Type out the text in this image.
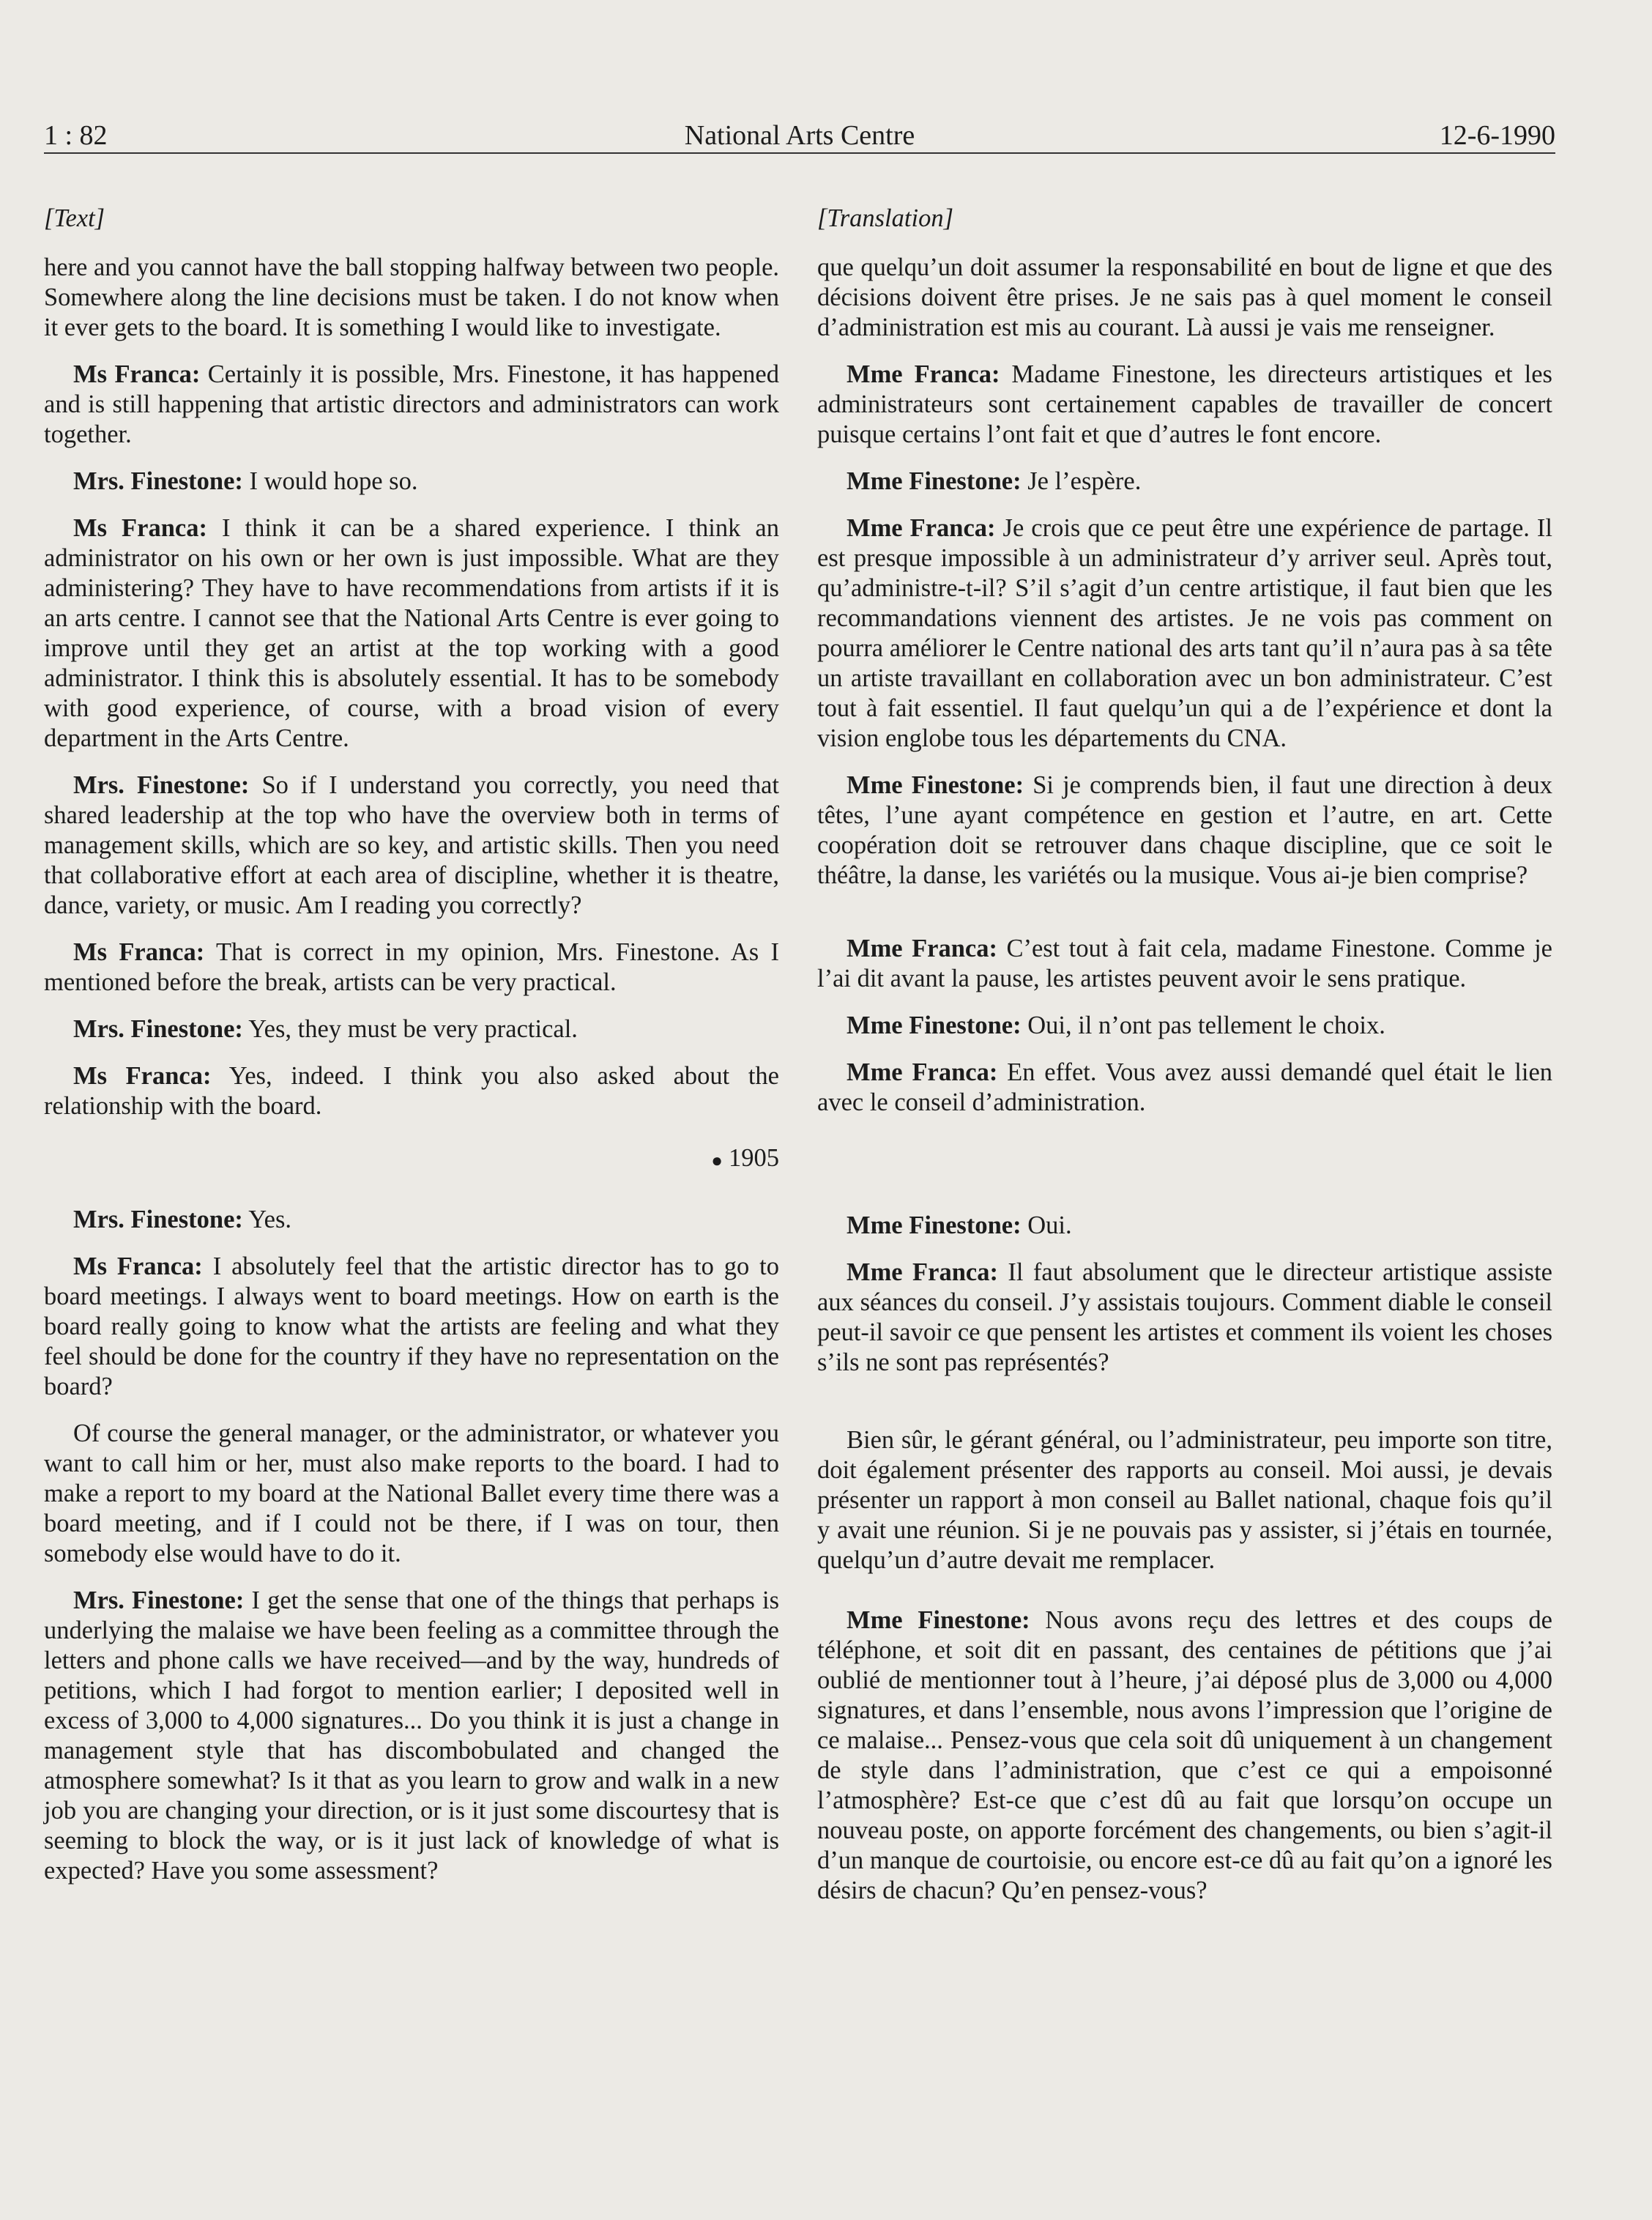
1 : 82	National Arts Centre	12-6-1990
[Text]

here and you cannot have the ball stopping halfway between two people. Somewhere along the line decisions must be taken. I do not know when it ever gets to the board. It is something I would like to investigate.

Ms Franca: Certainly it is possible, Mrs. Finestone, it has happened and is still happening that artistic directors and administrators can work together.

Mrs. Finestone: I would hope so.

Ms Franca: I think it can be a shared experience. I think an administrator on his own or her own is just impossible. What are they administering? They have to have recommendations from artists if it is an arts centre. I cannot see that the National Arts Centre is ever going to improve until they get an artist at the top working with a good administrator. I think this is absolutely essential. It has to be somebody with good experience, of course, with a broad vision of every department in the Arts Centre.

Mrs. Finestone: So if I understand you correctly, you need that shared leadership at the top who have the overview both in terms of management skills, which are so key, and artistic skills. Then you need that collaborative effort at each area of discipline, whether it is theatre, dance, variety, or music. Am I reading you correctly?

Ms Franca: That is correct in my opinion, Mrs. Finestone. As I mentioned before the break, artists can be very practical.

Mrs. Finestone: Yes, they must be very practical.

Ms Franca: Yes, indeed. I think you also asked about the relationship with the board.

● 1905

Mrs. Finestone: Yes.

Ms Franca: I absolutely feel that the artistic director has to go to board meetings. I always went to board meetings. How on earth is the board really going to know what the artists are feeling and what they feel should be done for the country if they have no representation on the board?

Of course the general manager, or the administrator, or whatever you want to call him or her, must also make reports to the board. I had to make a report to my board at the National Ballet every time there was a board meeting, and if I could not be there, if I was on tour, then somebody else would have to do it.

Mrs. Finestone: I get the sense that one of the things that perhaps is underlying the malaise we have been feeling as a committee through the letters and phone calls we have received—and by the way, hundreds of petitions, which I had forgot to mention earlier; I deposited well in excess of 3,000 to 4,000 signatures... Do you think it is just a change in management style that has discombobulated and changed the atmosphere somewhat? Is it that as you learn to grow and walk in a new job you are changing your direction, or is it just some discourtesy that is seeming to block the way, or is it just lack of knowledge of what is expected? Have you some assessment?

[Translation]

que quelqu’un doit assumer la responsabilité en bout de ligne et que des décisions doivent être prises. Je ne sais pas à quel moment le conseil d’administration est mis au courant. Là aussi je vais me renseigner.

Mme Franca: Madame Finestone, les directeurs artistiques et les administrateurs sont certainement capables de travailler de concert puisque certains l’ont fait et que d’autres le font encore.

Mme Finestone: Je l’espère.

Mme Franca: Je crois que ce peut être une expérience de partage. Il est presque impossible à un administrateur d’y arriver seul. Après tout, qu’administre-t-il? S’il s’agit d’un centre artistique, il faut bien que les recommandations viennent des artistes. Je ne vois pas comment on pourra améliorer le Centre national des arts tant qu’il n’aura pas à sa tête un artiste travaillant en collaboration avec un bon administrateur. C’est tout à fait essentiel. Il faut quelqu’un qui a de l’expérience et dont la vision englobe tous les départements du CNA.

Mme Finestone: Si je comprends bien, il faut une direction à deux têtes, l’une ayant compétence en gestion et l’autre, en art. Cette coopération doit se retrouver dans chaque discipline, que ce soit le théâtre, la danse, les variétés ou la musique. Vous ai-je bien comprise?

Mme Franca: C’est tout à fait cela, madame Finestone. Comme je l’ai dit avant la pause, les artistes peuvent avoir le sens pratique.

Mme Finestone: Oui, il n’ont pas tellement le choix.

Mme Franca: En effet. Vous avez aussi demandé quel était le lien avec le conseil d’administration.

Mme Finestone: Oui.

Mme Franca: Il faut absolument que le directeur artistique assiste aux séances du conseil. J’y assistais toujours. Comment diable le conseil peut-il savoir ce que pensent les artistes et comment ils voient les choses s’ils ne sont pas représentés?

Bien sûr, le gérant général, ou l’administrateur, peu importe son titre, doit également présenter des rapports au conseil. Moi aussi, je devais présenter un rapport à mon conseil au Ballet national, chaque fois qu’il y avait une réunion. Si je ne pouvais pas y assister, si j’étais en tournée, quelqu’un d’autre devait me remplacer.

Mme Finestone: Nous avons reçu des lettres et des coups de téléphone, et soit dit en passant, des centaines de pétitions que j’ai oublié de mentionner tout à l’heure, j’ai déposé plus de 3,000 ou 4,000 signatures, et dans l’ensemble, nous avons l’impression que l’origine de ce malaise... Pensez-vous que cela soit dû uniquement à un changement de style dans l’administration, que c’est ce qui a empoisonné l’atmosphère? Est-ce que c’est dû au fait que lorsqu’on occupe un nouveau poste, on apporte forcément des changements, ou bien s’agit-il d’un manque de courtoisie, ou encore est-ce dû au fait qu’on a ignoré les désirs de chacun? Qu’en pensez-vous?
